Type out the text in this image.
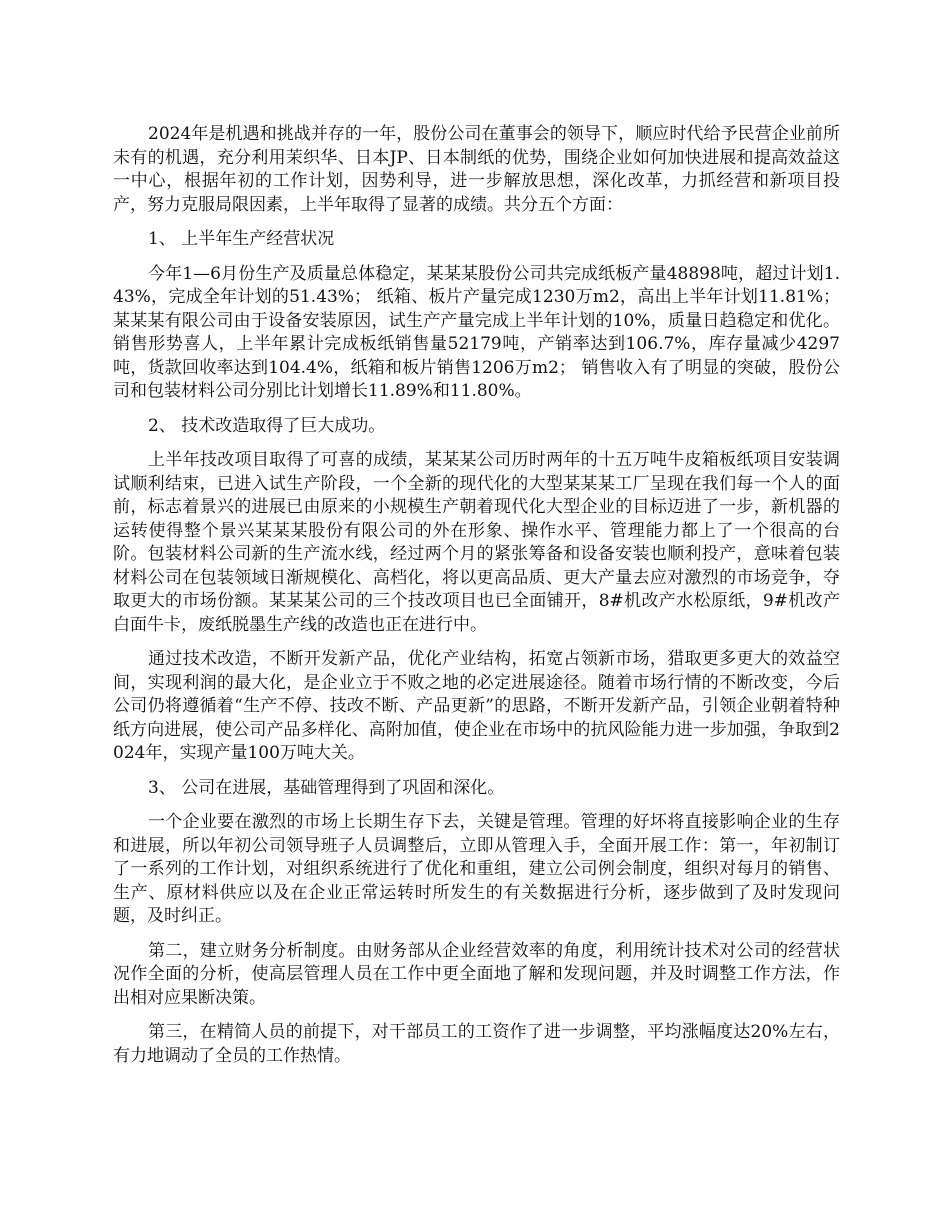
2024年是机遇和挑战并存的一年，股份公司在董事会的领导下，顺应时代给予民营企业前所未有的机遇，充分利用茉织华、日本JP、日本制纸的优势，围绕企业如何加快进展和提高效益这一中心，根据年初的工作计划，因势利导，进一步解放思想，深化改革，力抓经营和新项目投产，努力克服局限因素，上半年取得了显著的成绩。共分五个方面：

1、 上半年生产经营状况

今年1—6月份生产及质量总体稳定，某某某股份公司共完成纸板产量48898吨，超过计划1.43%，完成全年计划的51.43%； 纸箱、板片产量完成1230万m2，高出上半年计划11.81%； 某某某有限公司由于设备安装原因，试生产产量完成上半年计划的10%，质量日趋稳定和优化。销售形势喜人，上半年累计完成板纸销售量52179吨，产销率达到106.7%，库存量减少4297吨，货款回收率达到104.4%，纸箱和板片销售1206万m2； 销售收入有了明显的突破，股份公司和包装材料公司分别比计划增长11.89%和11.80%。

2、 技术改造取得了巨大成功。

上半年技改项目取得了可喜的成绩，某某某公司历时两年的十五万吨牛皮箱板纸项目安装调试顺利结束，已进入试生产阶段，一个全新的现代化的大型某某某工厂呈现在我们每一个人的面前，标志着景兴的进展已由原来的小规模生产朝着现代化大型企业的目标迈进了一步，新机器的运转使得整个景兴某某某股份有限公司的外在形象、操作水平、管理能力都上了一个很高的台阶。包装材料公司新的生产流水线，经过两个月的紧张筹备和设备安装也顺利投产，意味着包装材料公司在包装领域日渐规模化、高档化，将以更高品质、更大产量去应对激烈的市场竞争，夺取更大的市场份额。某某某公司的三个技改项目也已全面铺开，8#机改产水松原纸，9#机改产白面牛卡，废纸脱墨生产线的改造也正在进行中。

通过技术改造，不断开发新产品，优化产业结构，拓宽占领新市场，猎取更多更大的效益空间，实现利润的最大化，是企业立于不败之地的必定进展途径。随着市场行情的不断改变，今后公司仍将遵循着“生产不停、技改不断、产品更新”的思路，不断开发新产品，引领企业朝着特种纸方向进展，使公司产品多样化、高附加值，使企业在市场中的抗风险能力进一步加强，争取到2024年，实现产量100万吨大关。

3、 公司在进展，基础管理得到了巩固和深化。

一个企业要在激烈的市场上长期生存下去，关键是管理。管理的好坏将直接影响企业的生存和进展，所以年初公司领导班子人员调整后，立即从管理入手，全面开展工作：第一，年初制订了一系列的工作计划，对组织系统进行了优化和重组，建立公司例会制度，组织对每月的销售、生产、原材料供应以及在企业正常运转时所发生的有关数据进行分析，逐步做到了及时发现问题，及时纠正。

第二，建立财务分析制度。由财务部从企业经营效率的角度，利用统计技术对公司的经营状况作全面的分析，使高层管理人员在工作中更全面地了解和发现问题，并及时调整工作方法，作出相对应果断决策。

第三，在精简人员的前提下，对干部员工的工资作了进一步调整，平均涨幅度达20%左右，有力地调动了全员的工作热情。
